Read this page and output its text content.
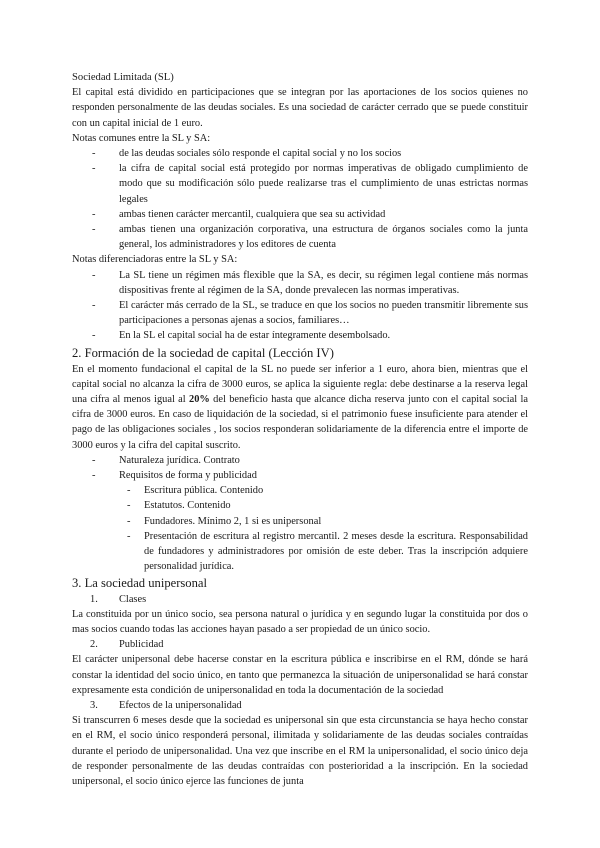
Sociedad Limitada (SL)

El capital está dividido en participaciones que se integran por las aportaciones de los socios quienes no responden personalmente de las deudas sociales. Es una sociedad de carácter cerrado que se puede constituir con un capital inicial de 1 euro.

Notas comunes entre la SL y SA:

- de las deudas sociales sólo responde el capital social y no los socios
- la cifra de capital social está protegido por normas imperativas de obligado cumplimiento de modo que su modificación sólo puede realizarse tras el cumplimiento de unas estrictas normas legales
- ambas tienen carácter mercantil, cualquiera que sea su actividad
- ambas tienen una organización corporativa, una estructura de órganos sociales como la junta general, los administradores y los editores de cuenta

Notas diferenciadoras entre la SL y SA:

- La SL tiene un régimen más flexible que la SA, es decir, su régimen legal contiene más normas dispositivas frente al régimen de la SA, donde prevalecen las normas imperativas.
- El carácter más cerrado de la SL, se traduce en que los socios no pueden transmitir libremente sus participaciones a personas ajenas a socios, familiares…
- En la SL el capital social ha de estar íntegramente desembolsado.

2. Formación de la sociedad de capital (Lección IV)

En el momento fundacional el capital de la SL no puede ser inferior a 1 euro, ahora bien, mientras que el capital social no alcanza la cifra de 3000 euros, se aplica la siguiente regla: debe destinarse a la reserva legal una cifra al menos igual al 20% del beneficio hasta que alcance dicha reserva junto con el capital social la cifra de 3000 euros. En caso de liquidación de la sociedad, si el patrimonio fuese insuficiente para atender el pago de las obligaciones sociales , los socios responderan solidariamente de la diferencia entre el importe de 3000 euros y la cifra del capital suscrito.

- Naturaleza jurídica. Contrato
- Requisitos de forma y publicidad
- Escritura pública. Contenido
- Estatutos. Contenido
- Fundadores. Mínimo 2, 1 si es unipersonal
- Presentación de escritura al registro mercantil. 2 meses desde la escritura. Responsabilidad de fundadores y administradores por omisión de este deber. Tras la inscripción adquiere personalidad jurídica.

3. La sociedad unipersonal

1. Clases

La constituida por un único socio, sea persona natural o jurídica y en segundo lugar la constituida por dos o mas socios cuando todas las acciones hayan pasado a ser propiedad de un único socio.

2. Publicidad

El carácter unipersonal debe hacerse constar en la escritura pública e inscribirse en el RM, dónde se hará constar la identidad del socio único, en tanto que permanezca la situación de unipersonalidad se hará constar expresamente esta condición de unipersonalidad en toda la documentación de la sociedad

3. Efectos de la unipersonalidad

Si transcurren 6 meses desde que la sociedad es unipersonal sin que esta circunstancia se haya hecho constar en el RM, el socio único responderá personal, ilimitada y solidariamente de las deudas sociales contraídas durante el periodo de unipersonalidad. Una vez que inscribe en el RM la unipersonalidad, el socio único deja de responder personalmente de las deudas contraídas con posterioridad a la inscripción. En la sociedad unipersonal, el socio único ejerce las funciones de junta
